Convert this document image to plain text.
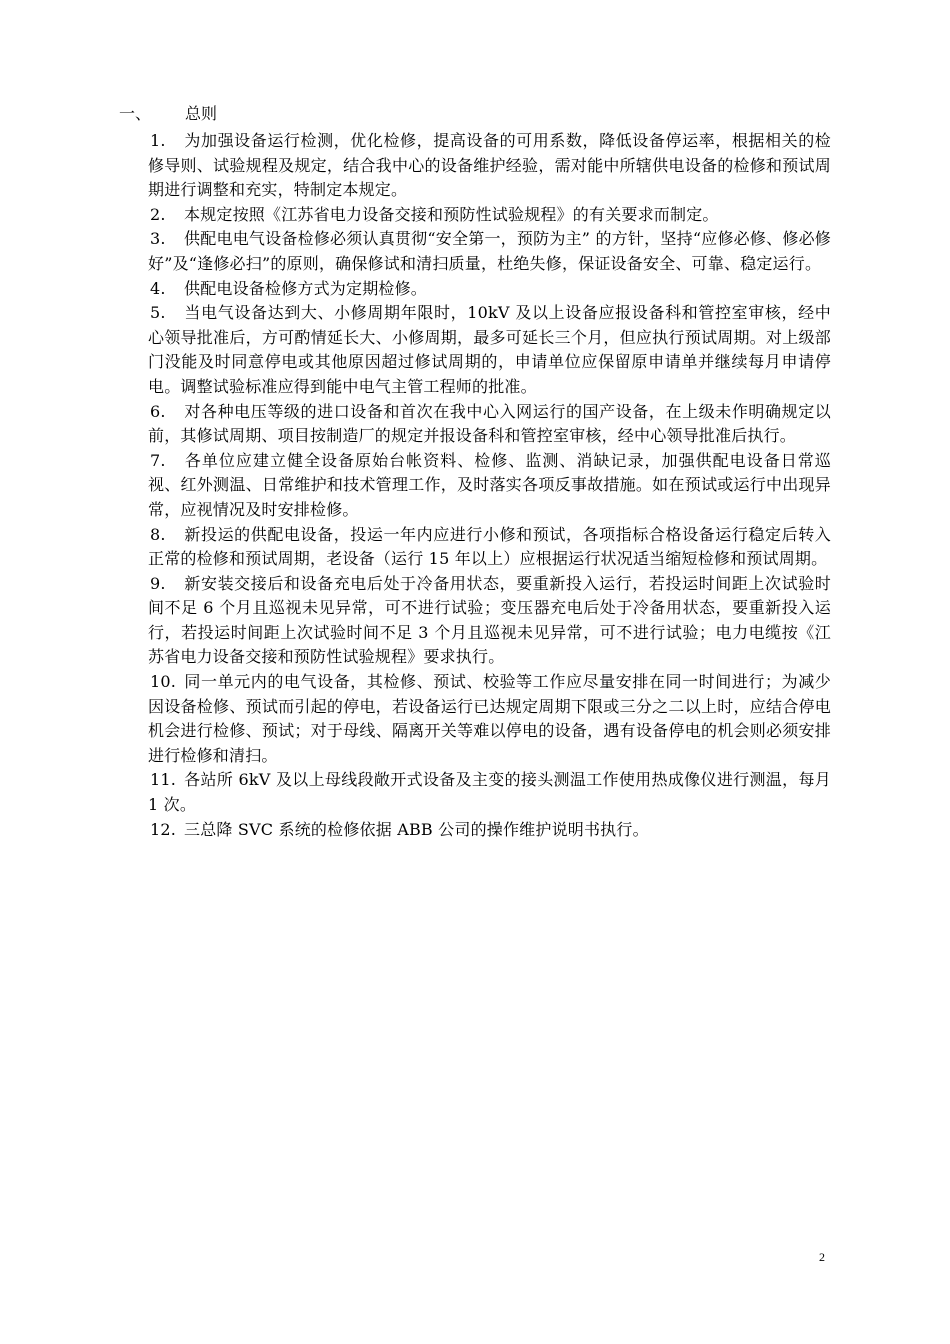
一、 总则

1. 为加强设备运行检测，优化检修，提高设备的可用系数，降低设备停运率，根据相关的检修导则、试验规程及规定，结合我中心的设备维护经验，需对能中所辖供电设备的检修和预试周期进行调整和充实，特制定本规定。

2. 本规定按照《江苏省电力设备交接和预防性试验规程》的有关要求而制定。

3. 供配电电气设备检修必须认真贯彻“安全第一，预防为主” 的方针，坚持“应修必修、修必修好”及“逢修必扫”的原则，确保修试和清扫质量，杜绝失修，保证设备安全、可靠、稳定运行。

4. 供配电设备检修方式为定期检修。

5. 当电气设备达到大、小修周期年限时，10kV 及以上设备应报设备科和管控室审核，经中心领导批准后，方可酌情延长大、小修周期，最多可延长三个月，但应执行预试周期。对上级部门没能及时同意停电或其他原因超过修试周期的，申请单位应保留原申请单并继续每月申请停电。调整试验标准应得到能中电气主管工程师的批准。

6. 对各种电压等级的进口设备和首次在我中心入网运行的国产设备，在上级未作明确规定以前，其修试周期、项目按制造厂的规定并报设备科和管控室审核，经中心领导批准后执行。

7. 各单位应建立健全设备原始台帐资料、检修、监测、消缺记录，加强供配电设备日常巡视、红外测温、日常维护和技术管理工作，及时落实各项反事故措施。如在预试或运行中出现异常，应视情况及时安排检修。

8. 新投运的供配电设备，投运一年内应进行小修和预试，各项指标合格设备运行稳定后转入正常的检修和预试周期，老设备（运行 15 年以上）应根据运行状况适当缩短检修和预试周期。

9. 新安装交接后和设备充电后处于冷备用状态，要重新投入运行，若投运时间距上次试验时间不足 6 个月且巡视未见异常，可不进行试验；变压器充电后处于冷备用状态，要重新投入运行，若投运时间距上次试验时间不足 3 个月且巡视未见异常，可不进行试验；电力电缆按《江苏省电力设备交接和预防性试验规程》要求执行。

10. 同一单元内的电气设备，其检修、预试、校验等工作应尽量安排在同一时间进行；为减少因设备检修、预试而引起的停电，若设备运行已达规定周期下限或三分之二以上时，应结合停电机会进行检修、预试；对于母线、隔离开关等难以停电的设备，遇有设备停电的机会则必须安排进行检修和清扫。

11. 各站所 6kV 及以上母线段敞开式设备及主变的接头测温工作使用热成像仪进行测温，每月 1 次。

12. 三总降 SVC 系统的检修依据 ABB 公司的操作维护说明书执行。

2
